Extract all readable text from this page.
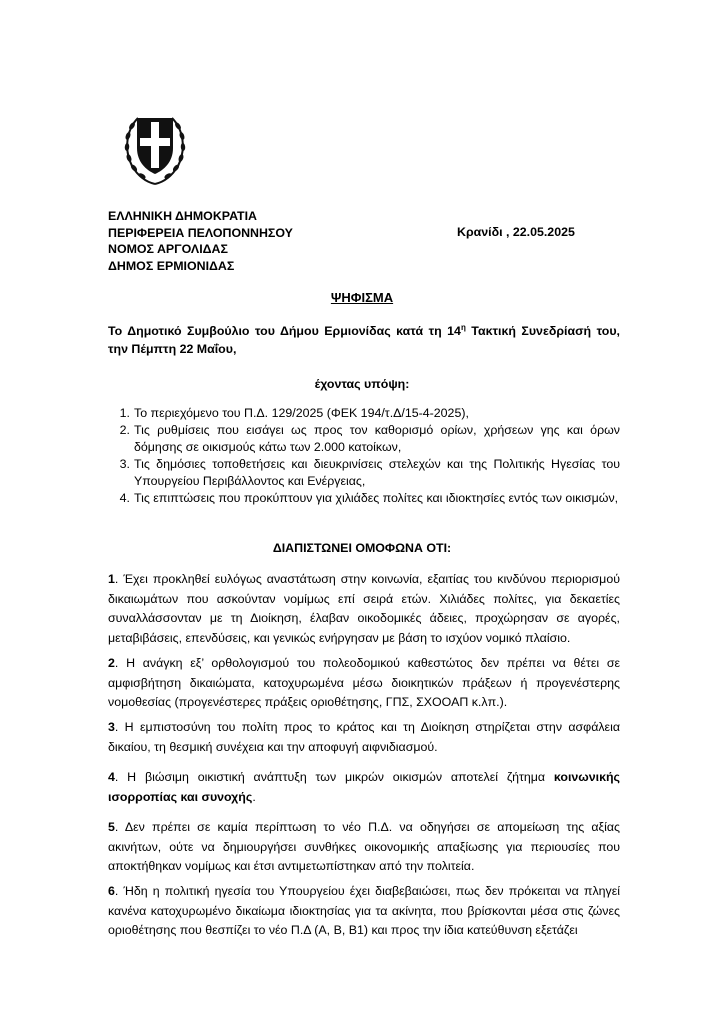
ΕΛΛΗΝΙΚΗ ΔΗΜΟΚΡΑΤΙΑ
ΠΕΡΙΦΕΡΕΙΑ ΠΕΛΟΠΟΝΝΗΣΟΥ
ΝΟΜΟΣ ΑΡΓΟΛΙΔΑΣ
ΔΗΜΟΣ ΕΡΜΙΟΝΙΔΑΣ
Κρανίδι , 22.05.2025
ΨΗΦΙΣΜΑ
Το Δημοτικό Συμβούλιο του Δήμου Ερμιονίδας κατά τη $14^\eta$ Τακτική Συνεδρίασή του, την Πέμπτη 22 Μαΐου,
έχοντας υπόψη:
1. Το περιεχόμενο του Π.Δ. 129/2025 (ΦΕΚ 194/τ.Δ/15-4-2025),
2. Τις ρυθμίσεις που εισάγει ως προς τον καθορισμό ορίων, χρήσεων γης και όρων δόμησης σε οικισμούς κάτω των 2.000 κατοίκων,
3. Τις δημόσιες τοποθετήσεις και διευκρινίσεις στελεχών και της Πολιτικής Ηγεσίας του Υπουργείου Περιβάλλοντος και Ενέργειας,
4. Τις επιπτώσεις που προκύπτουν για χιλιάδες πολίτες και ιδιοκτησίες εντός των οικισμών,
ΔΙΑΠΙΣΤΩΝΕΙ ΟΜΟΦΩΝΑ ΟΤΙ:
1. Έχει προκληθεί ευλόγως αναστάτωση στην κοινωνία, εξαιτίας του κινδύνου περιορισμού δικαιωμάτων που ασκούνταν νομίμως επί σειρά ετών. Χιλιάδες πολίτες, για δεκαετίες συναλλάσσονταν με τη Διοίκηση, έλαβαν οικοδομικές άδειες, προχώρησαν σε αγορές, μεταβιβάσεις, επενδύσεις, και γενικώς ενήργησαν με βάση το ισχύον νομικό πλαίσιο.
2. Η ανάγκη εξ’ ορθολογισμού του πολεοδομικού καθεστώτος δεν πρέπει να θέτει σε αμφισβήτηση δικαιώματα, κατοχυρωμένα μέσω διοικητικών πράξεων ή προγενέστερης νομοθεσίας (προγενέστερες πράξεις οριοθέτησης, ΓΠΣ, ΣΧΟΟΑΠ κ.λπ.).
3. Η εμπιστοσύνη του πολίτη προς το κράτος και τη Διοίκηση στηρίζεται στην ασφάλεια δικαίου, τη θεσμική συνέχεια και την αποφυγή αιφνιδιασμού.
4. Η βιώσιμη οικιστική ανάπτυξη των μικρών οικισμών αποτελεί ζήτημα κοινωνικής ισορροπίας και συνοχής.
5. Δεν πρέπει σε καμία περίπτωση το νέο Π.Δ. να οδηγήσει σε απομείωση της αξίας ακινήτων, ούτε να δημιουργήσει συνθήκες οικονομικής απαξίωσης για περιουσίες που αποκτήθηκαν νομίμως και έτσι αντιμετωπίστηκαν από την πολιτεία.
6. Ήδη η πολιτική ηγεσία του Υπουργείου έχει διαβεβαιώσει, πως δεν πρόκειται να πληγεί κανένα κατοχυρωμένο δικαίωμα ιδιοκτησίας για τα ακίνητα, που βρίσκονται μέσα στις ζώνες οριοθέτησης που θεσπίζει το νέο Π.Δ (Α, Β, Β1) και προς την ίδια κατεύθυνση εξετάζει
